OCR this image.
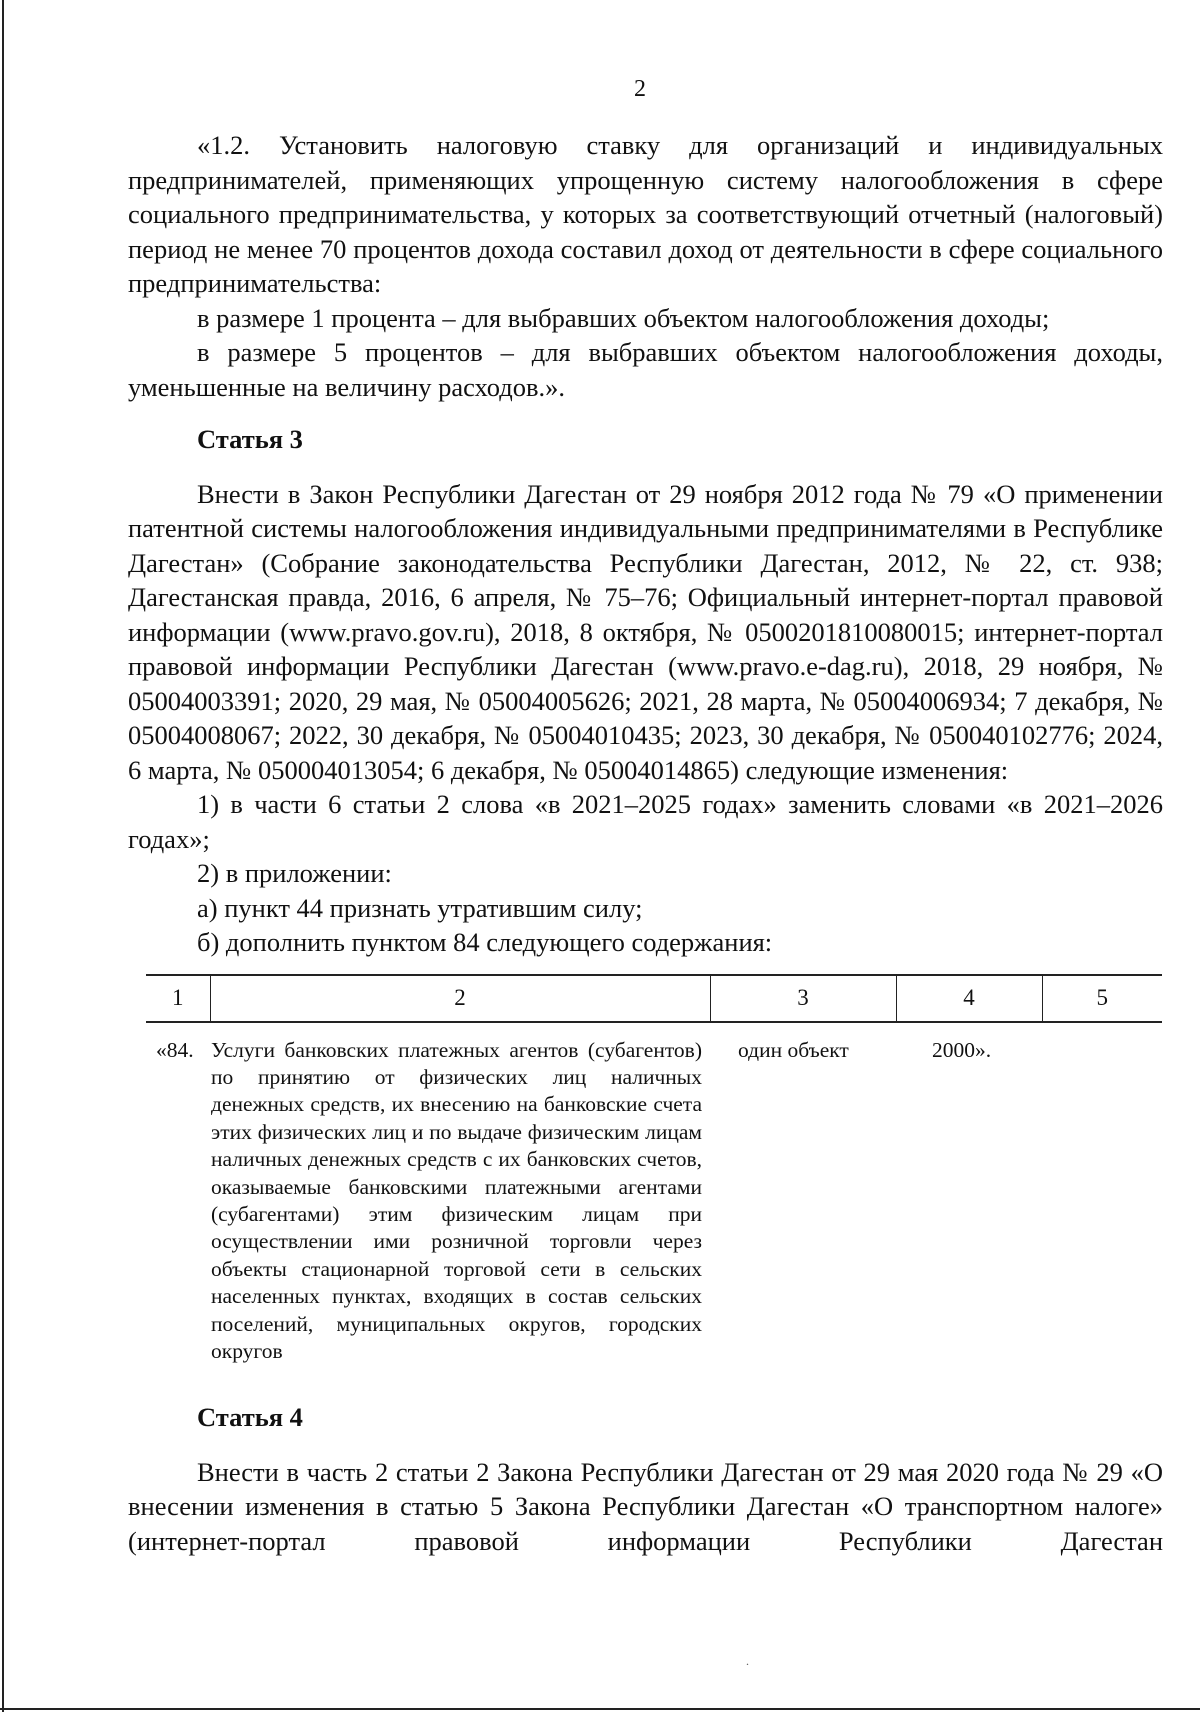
2

«1.2. Установить налоговую ставку для организаций и индивидуальных предпринимателей, применяющих упрощенную систему налогообложения в сфере социального предпринимательства, у которых за соответствующий отчетный (налоговый) период не менее 70 процентов дохода составил доход от деятельности в сфере социального предпринимательства:

в размере 1 процента – для выбравших объектом налогообложения доходы;

в размере 5 процентов – для выбравших объектом налогообложения доходы, уменьшенные на величину расходов.».

Статья 3

Внести в Закон Республики Дагестан от 29 ноября 2012 года № 79 «О применении патентной системы налогообложения индивидуальными предпринимателями в Республике Дагестан» (Собрание законодательства Республики Дагестан, 2012, № 22, ст. 938; Дагестанская правда, 2016, 6 апреля, № 75–76; Официальный интернет-портал правовой информации (www.pravo.gov.ru), 2018, 8 октября, № 0500201810080015; интернет-портал правовой информации Республики Дагестан (www.pravo.e-dag.ru), 2018, 29 ноября, № 05004003391; 2020, 29 мая, № 05004005626; 2021, 28 марта, № 05004006934; 7 декабря, № 05004008067; 2022, 30 декабря, № 05004010435; 2023, 30 декабря, № 050040102776; 2024, 6 марта, № 050004013054; 6 декабря, № 05004014865) следующие изменения:

1) в части 6 статьи 2 слова «в 2021–2025 годах» заменить словами «в 2021–2026 годах»;

2) в приложении:

а) пункт 44 признать утратившим силу;

б) дополнить пунктом 84 следующего содержания:

1	2	3	4	5
«84.	Услуги банковских платежных агентов (субагентов) по принятию от физических лиц наличных денежных средств, их внесению на банковские счета этих физических лиц и по выдаче физическим лицам наличных денежных средств с их банковских счетов, оказываемые банковскими платежными агентами (субагентами) этим физическим лицам при осуществлении ими розничной торговли через объекты стационарной торговой сети в сельских населенных пунктах, входящих в состав сельских поселений, муниципальных округов, городских округов	один объект	2000».	

Статья 4

Внести в часть 2 статьи 2 Закона Республики Дагестан от 29 мая 2020 года № 29 «О внесении изменения в статью 5 Закона Республики Дагестан «О транспортном налоге» (интернет-портал правовой информации Республики Дагестан

.
